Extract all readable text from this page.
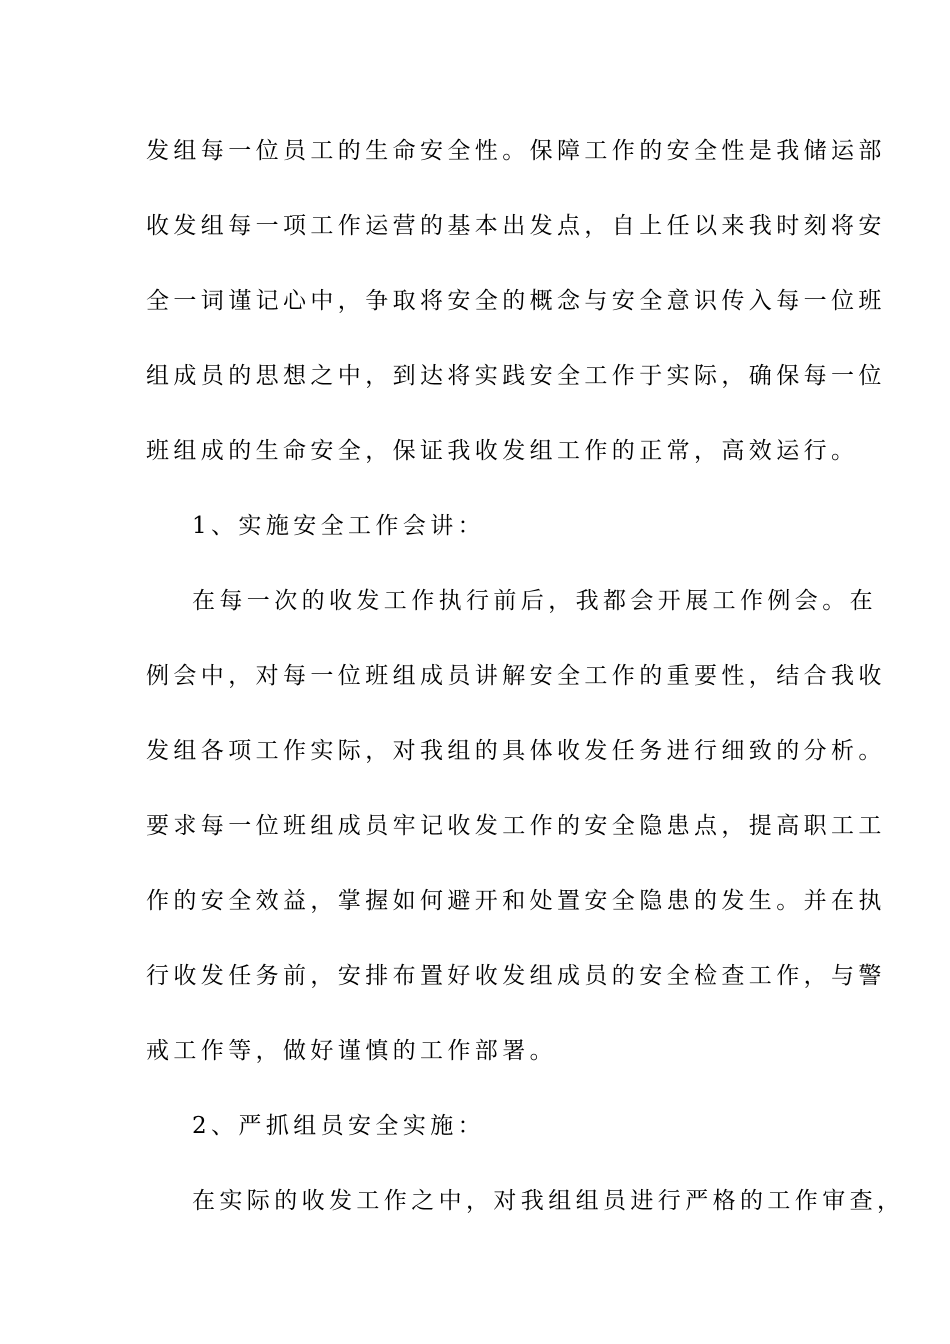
发组每一位员工的生命安全性。保障工作的安全性是我储运部
收发组每一项工作运营的基本出发点，自上任以来我时刻将安
全一词谨记心中，争取将安全的概念与安全意识传入每一位班
组成员的思想之中，到达将实践安全工作于实际，确保每一位
班组成的生命安全，保证我收发组工作的正常，高效运行。
1、实施安全工作会讲：
在每一次的收发工作执行前后，我都会开展工作例会。在
例会中，对每一位班组成员讲解安全工作的重要性，结合我收
发组各项工作实际，对我组的具体收发任务进行细致的分析。
要求每一位班组成员牢记收发工作的安全隐患点，提高职工工
作的安全效益，掌握如何避开和处置安全隐患的发生。并在执
行收发任务前，安排布置好收发组成员的安全检查工作，与警
戒工作等，做好谨慎的工作部署。
2、严抓组员安全实施：
在实际的收发工作之中，对我组组员进行严格的工作审查，
